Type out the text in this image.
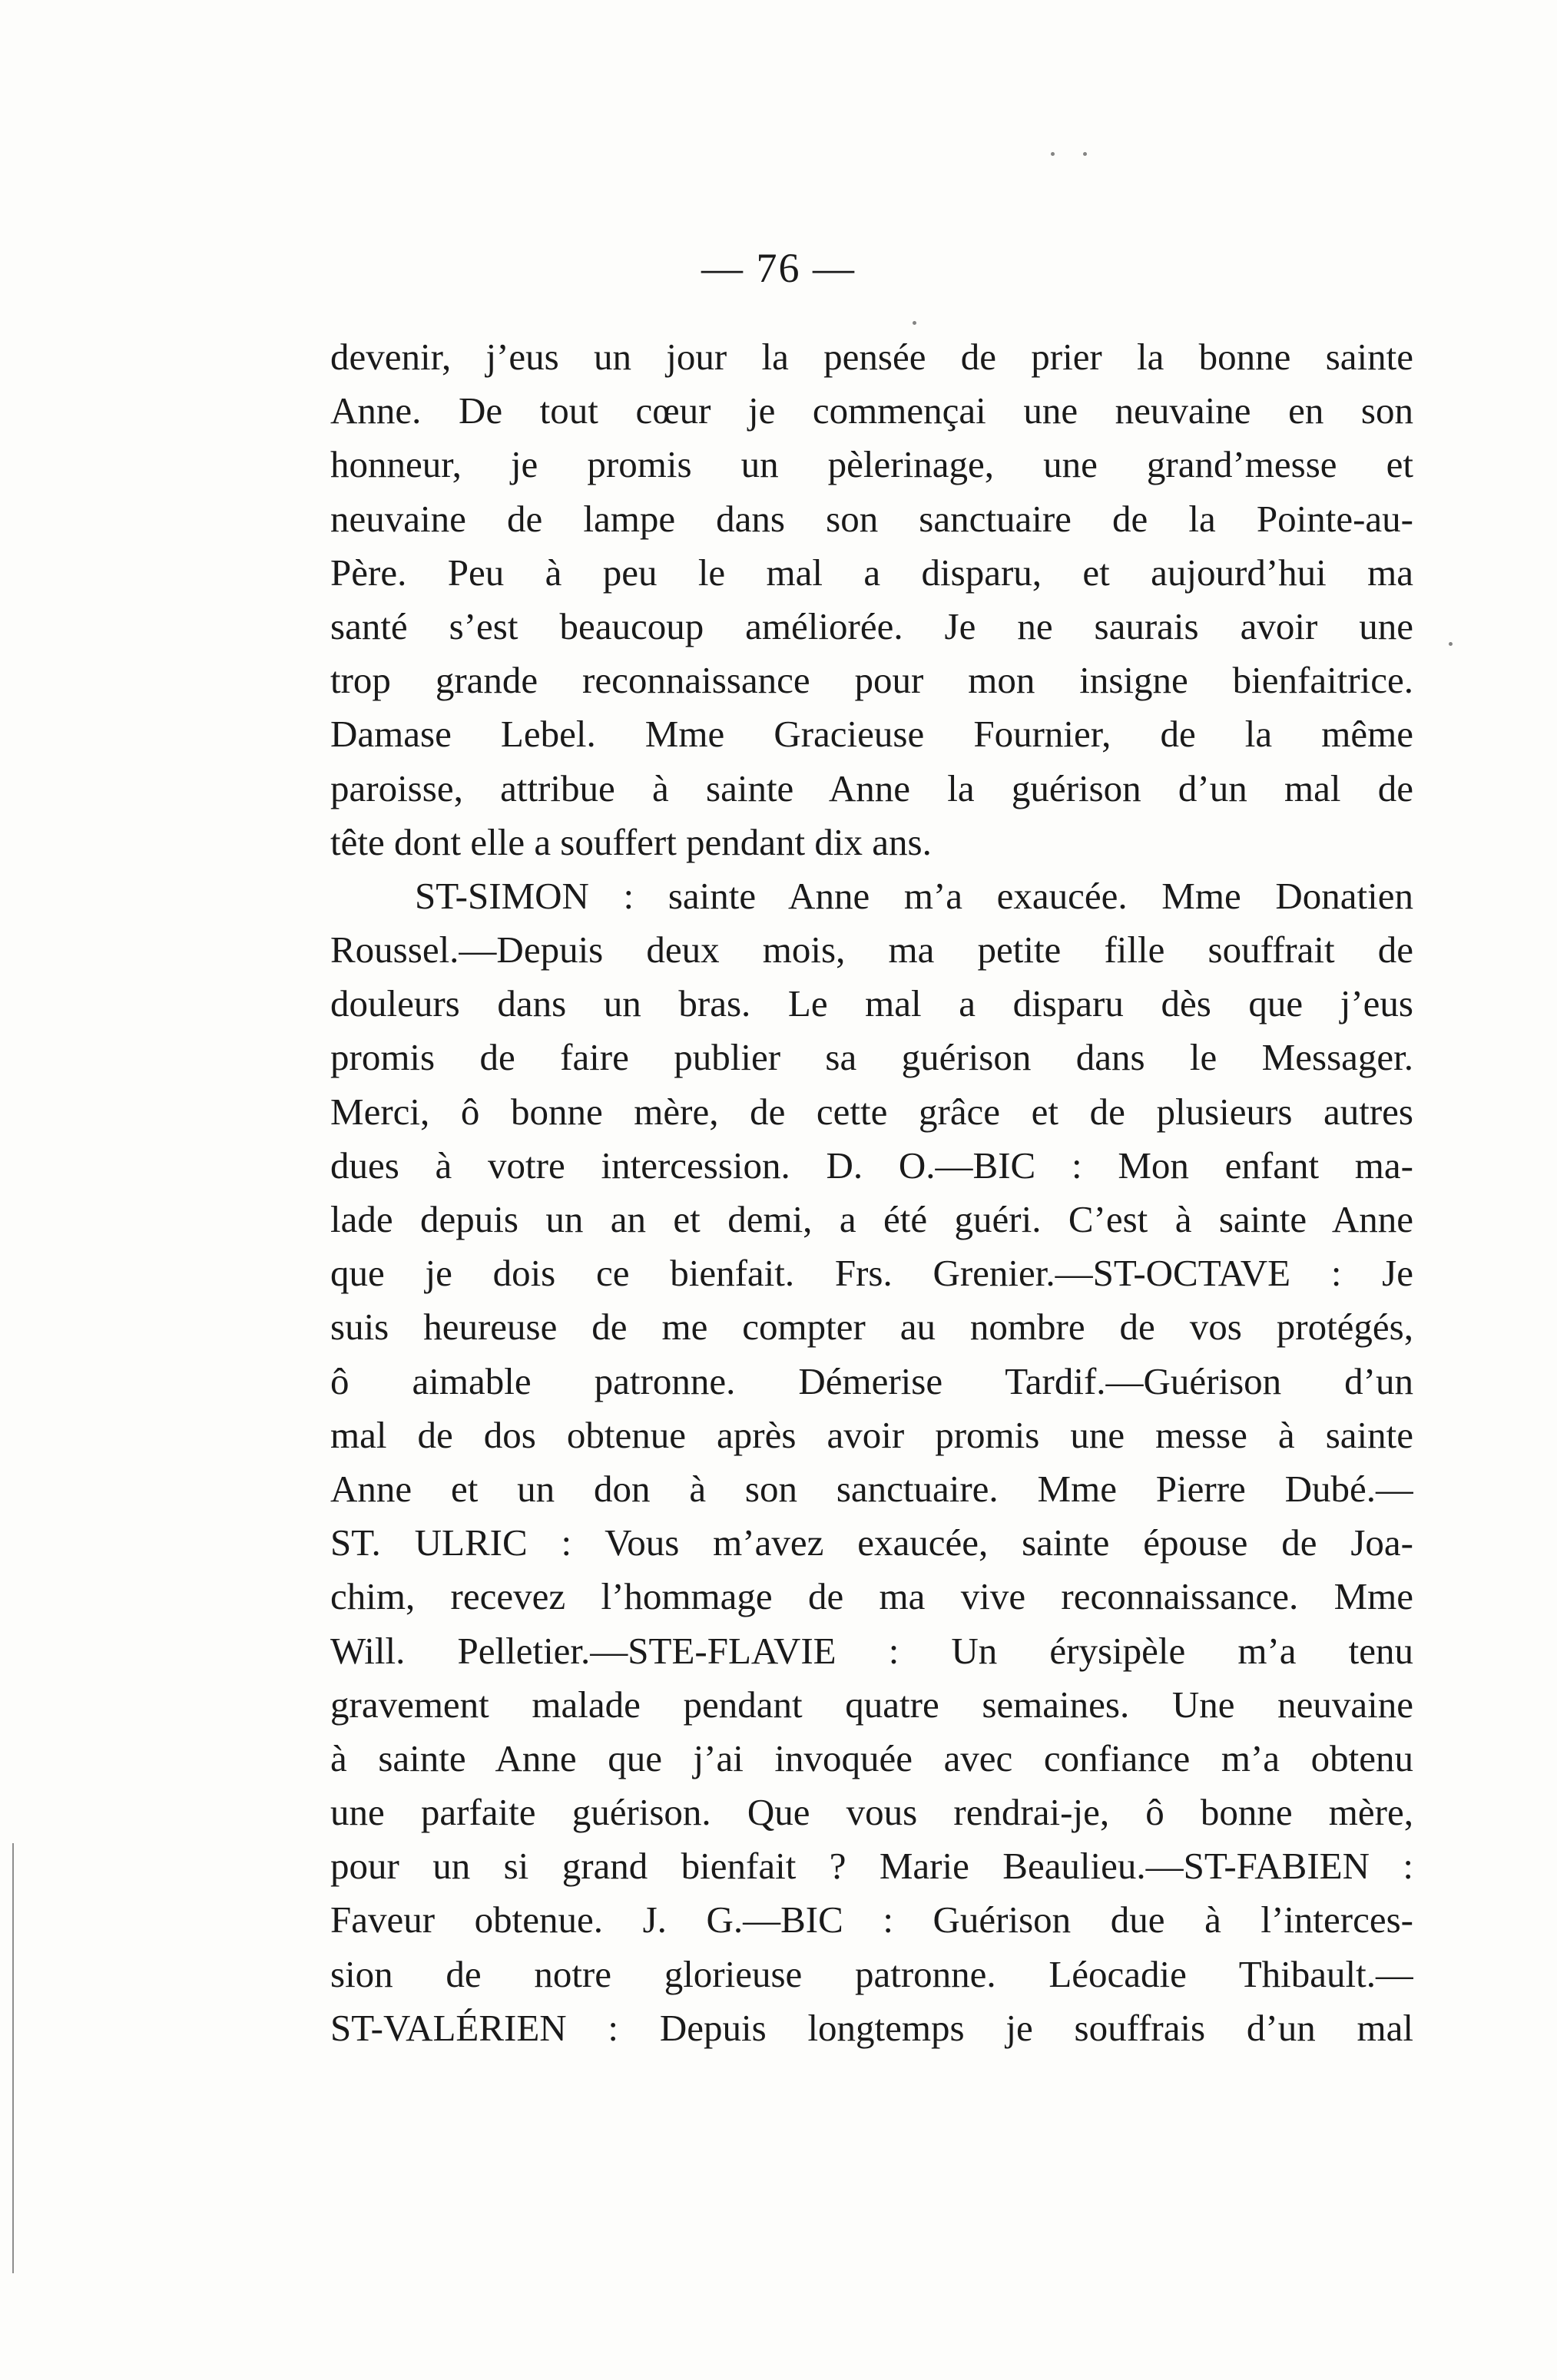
— 76 —
devenir, j’eus un jour la pensée de prier la bonne sainte
Anne. De tout cœur je commençai une neuvaine en son
honneur, je promis un pèlerinage, une grand’messe et
neuvaine de lampe dans son sanctuaire de la Pointe-au-
Père. Peu à peu le mal a disparu, et aujourd’hui ma
santé s’est beaucoup améliorée. Je ne saurais avoir une
trop grande reconnaissance pour mon insigne bienfaitrice.
Damase Lebel. Mme Gracieuse Fournier, de la même
paroisse, attribue à sainte Anne la guérison d’un mal de
tête dont elle a souffert pendant dix ans.
ST-SIMON : sainte Anne m’a exaucée. Mme Donatien
Roussel.—Depuis deux mois, ma petite fille souffrait de
douleurs dans un bras. Le mal a disparu dès que j’eus
promis de faire publier sa guérison dans le Messager.
Merci, ô bonne mère, de cette grâce et de plusieurs autres
dues à votre intercession. D. O.—BIC : Mon enfant ma-
lade depuis un an et demi, a été guéri. C’est à sainte Anne
que je dois ce bienfait. Frs. Grenier.—ST-OCTAVE : Je
suis heureuse de me compter au nombre de vos protégés,
ô aimable patronne. Démerise Tardif.—Guérison d’un
mal de dos obtenue après avoir promis une messe à sainte
Anne et un don à son sanctuaire. Mme Pierre Dubé.—
ST. ULRIC : Vous m’avez exaucée, sainte épouse de Joa-
chim, recevez l’hommage de ma vive reconnaissance. Mme
Will. Pelletier.—STE-FLAVIE : Un érysipèle m’a tenu
gravement malade pendant quatre semaines. Une neuvaine
à sainte Anne que j’ai invoquée avec confiance m’a obtenu
une parfaite guérison. Que vous rendrai-je, ô bonne mère,
pour un si grand bienfait ? Marie Beaulieu.—ST-FABIEN :
Faveur obtenue. J. G.—BIC : Guérison due à l’interces-
sion de notre glorieuse patronne. Léocadie Thibault.—
ST-VALÉRIEN : Depuis longtemps je souffrais d’un mal
